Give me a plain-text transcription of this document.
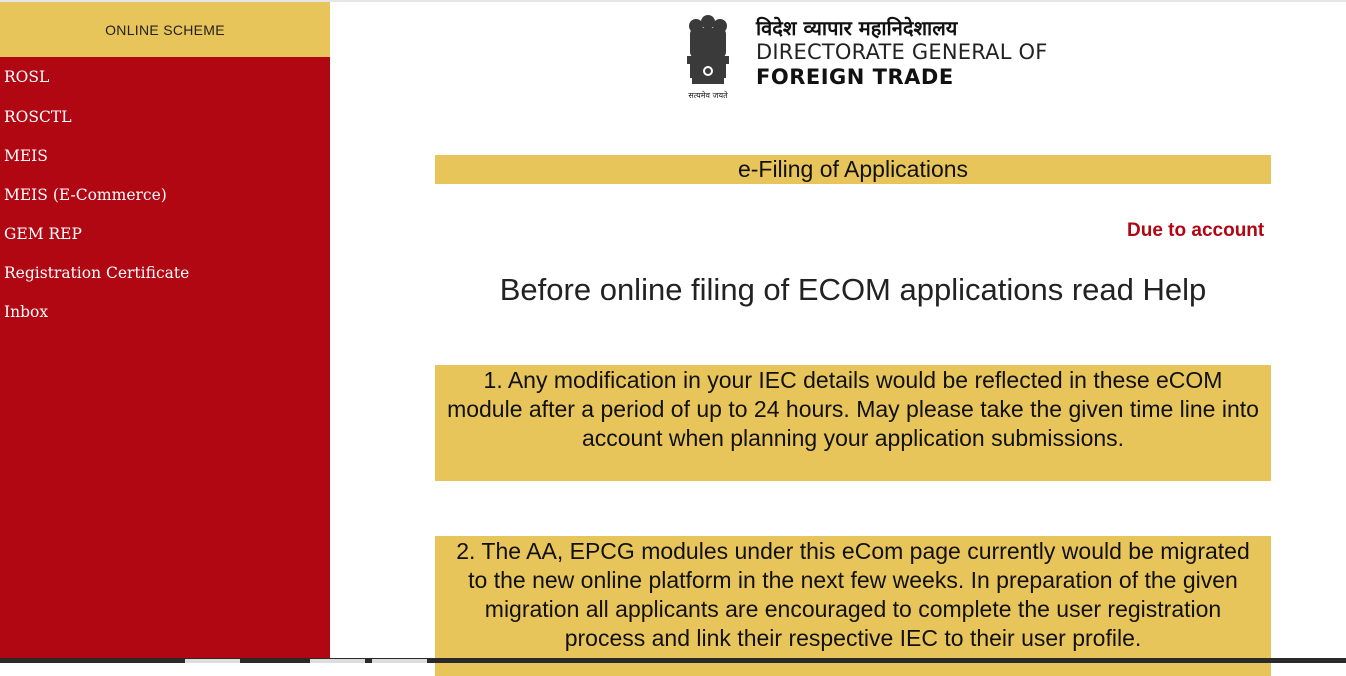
ONLINE SCHEME
ROSL
ROSCTL
MEIS
MEIS (E-Commerce)
GEM REP
Registration Certificate
Inbox
सत्यमेव जयते
विदेश व्यापार महानिदेशालय
DIRECTORATE GENERAL OF
FOREIGN TRADE
e-Filing of Applications
Due to account
Before online filing of ECOM applications read Help
1. Any modification in your IEC details would be reflected in these eCOM module after a period of up to 24 hours. May please take the given time line into account when planning your application submissions.
2. The AA, EPCG modules under this eCom page currently would be migrated to the new online platform in the next few weeks. In preparation of the given migration all applicants are encouraged to complete the user registration process and link their respective IEC to their user profile.
